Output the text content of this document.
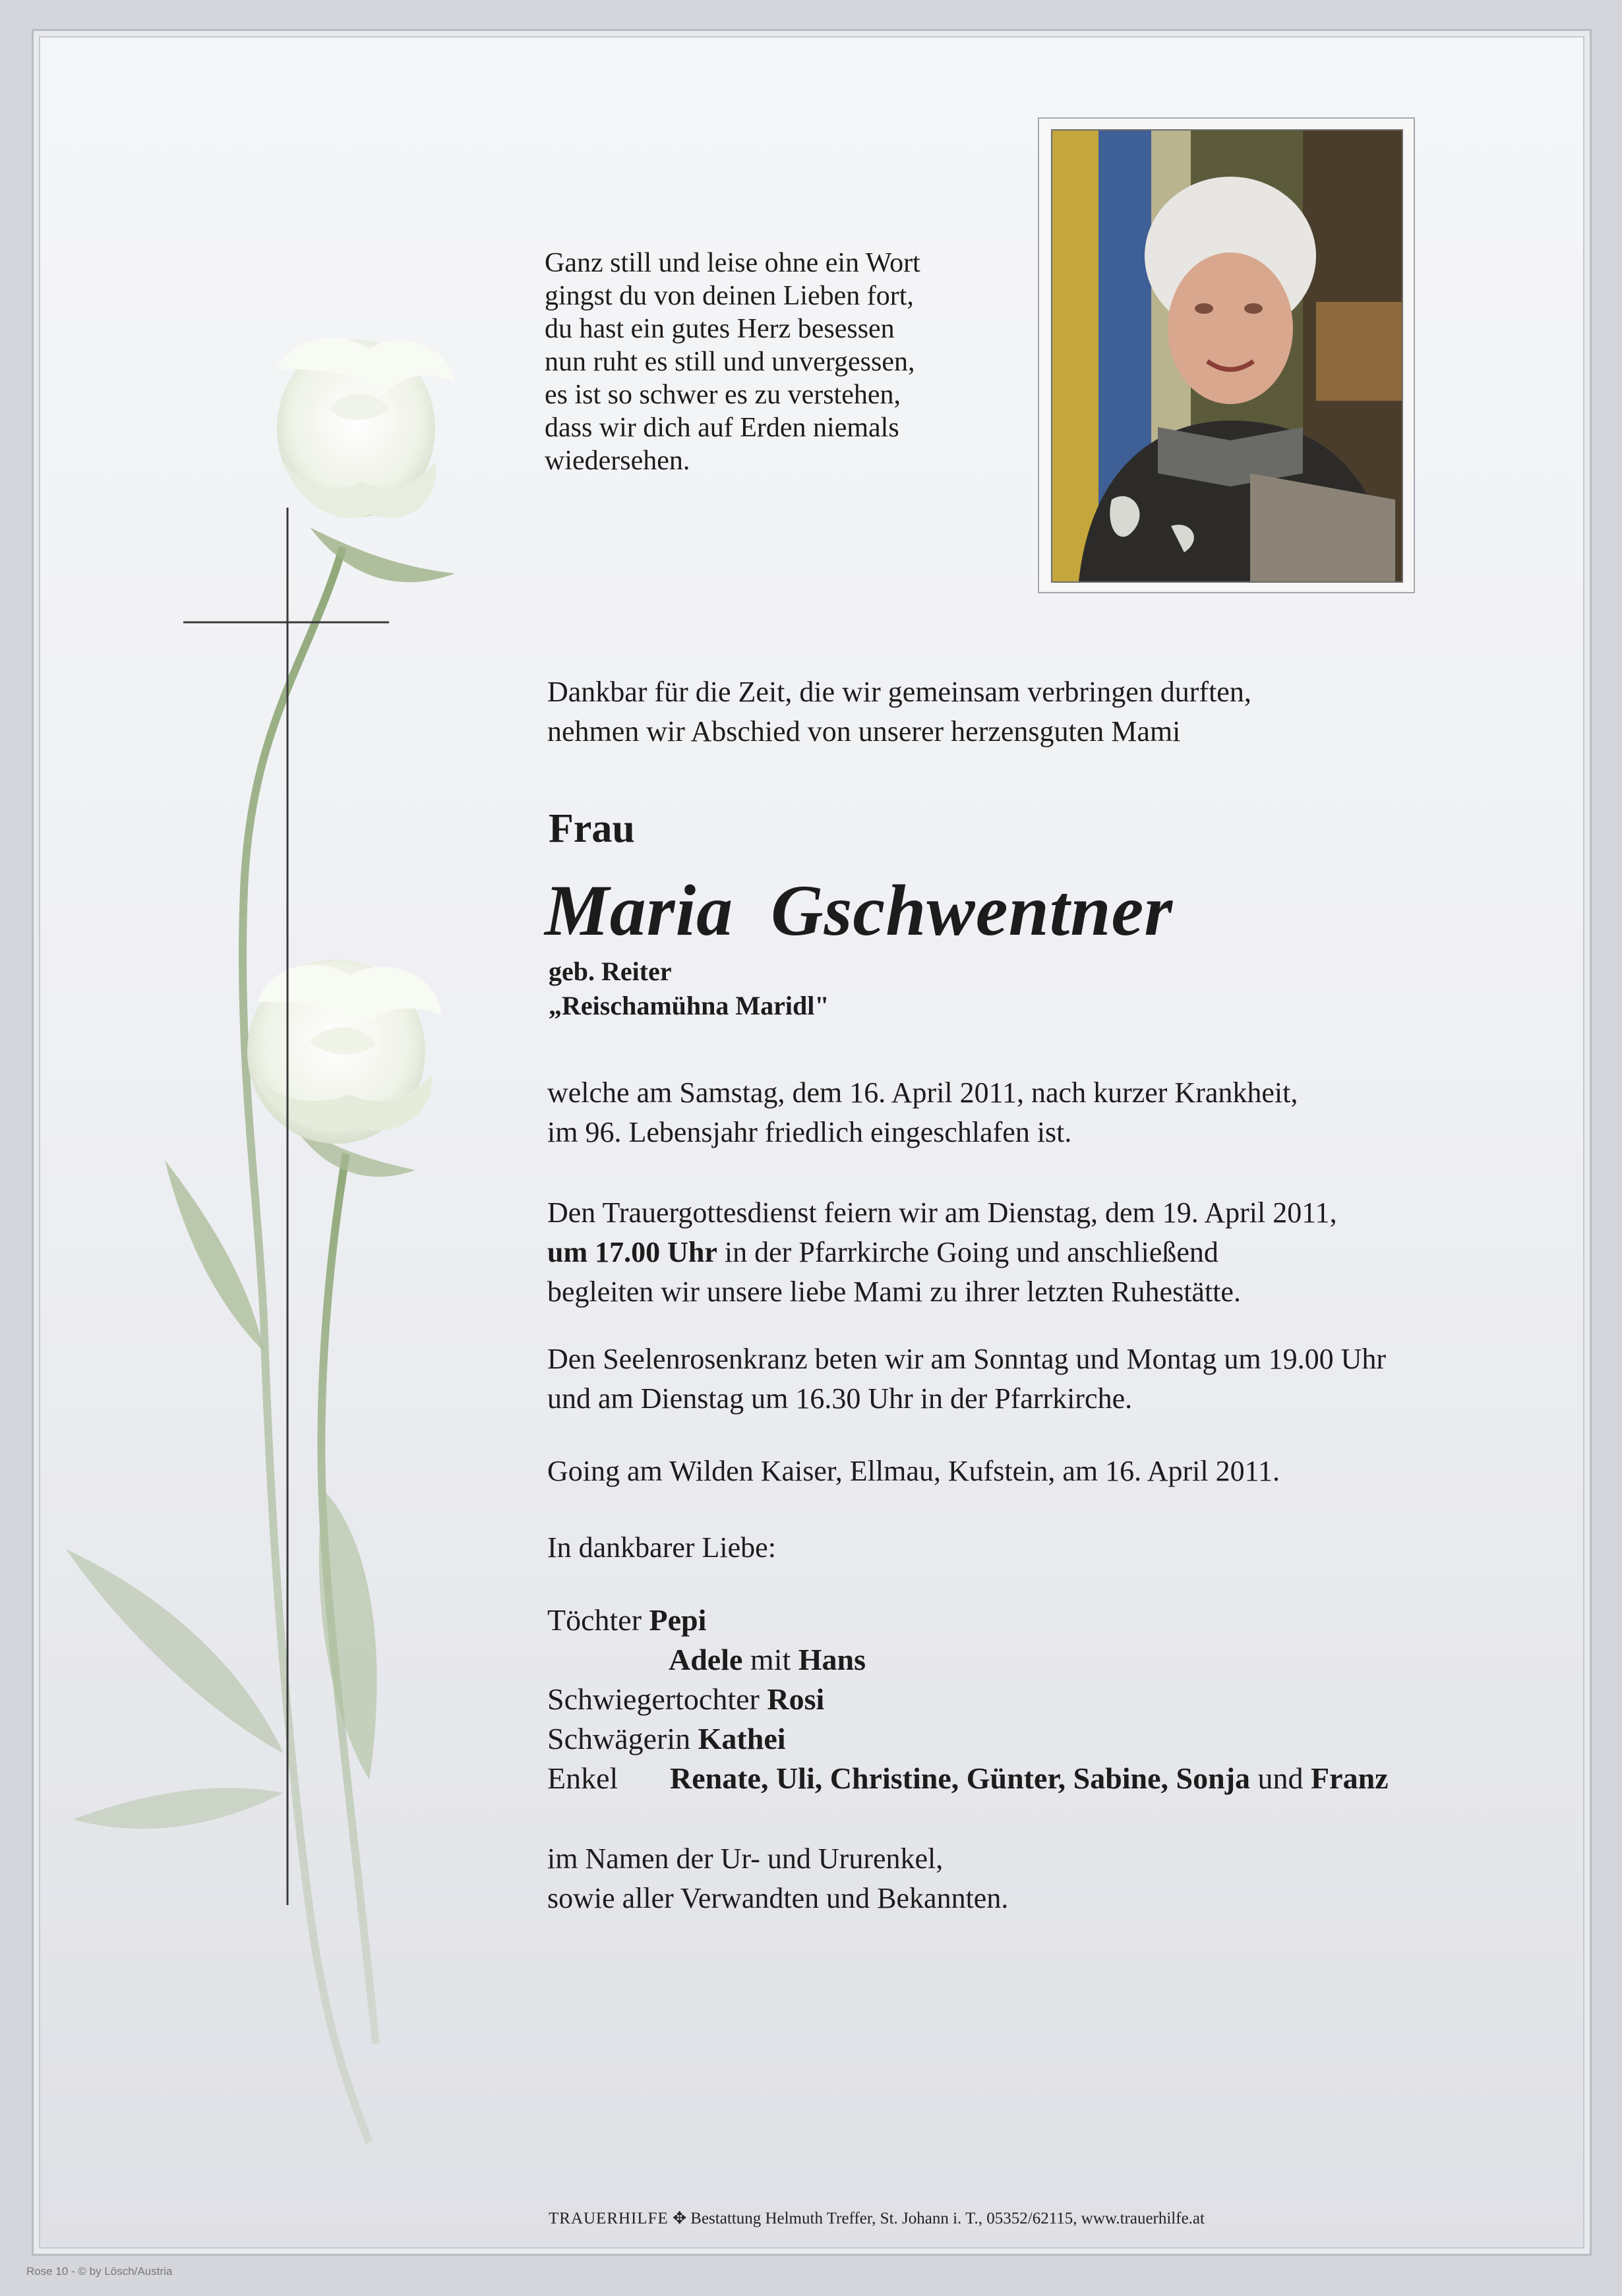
Ganz still und leise ohne ein Wort
gingst du von deinen Lieben fort,
du hast ein gutes Herz besessen
nun ruht es still und unvergessen,
es ist so schwer es zu verstehen,
dass wir dich auf Erden niemals
wiedersehen.
Dankbar für die Zeit, die wir gemeinsam verbringen durften,
nehmen wir Abschied von unserer herzensguten Mami
Frau
Maria  Gschwentner
geb. Reiter
„Reischamühna Maridl"
welche am Samstag, dem 16. April 2011, nach kurzer Krankheit,
im 96. Lebensjahr friedlich eingeschlafen ist.
Den Trauergottesdienst feiern wir am Dienstag, dem 19. April 2011,
um 17.00 Uhr in der Pfarrkirche Going und anschließend
begleiten wir unsere liebe Mami zu ihrer letzten Ruhestätte.
Den Seelenrosenkranz beten wir am Sonntag und Montag um 19.00 Uhr
und am Dienstag um 16.30 Uhr in der Pfarrkirche.
Going am Wilden Kaiser, Ellmau, Kufstein, am 16. April 2011.
In dankbarer Liebe:
Töchter Pepi
Adele mit Hans
Schwiegertochter Rosi
Schwägerin Kathei
Enkel Renate, Uli, Christine, Günter, Sabine, Sonja und Franz
im Namen der Ur- und Ururenkel,
sowie aller Verwandten und Bekannten.
TRAUERHILFE ✥ Bestattung Helmuth Treffer, St. Johann i. T., 05352/62115, www.trauerhilfe.at
Rose 10 - © by Lösch/Austria
